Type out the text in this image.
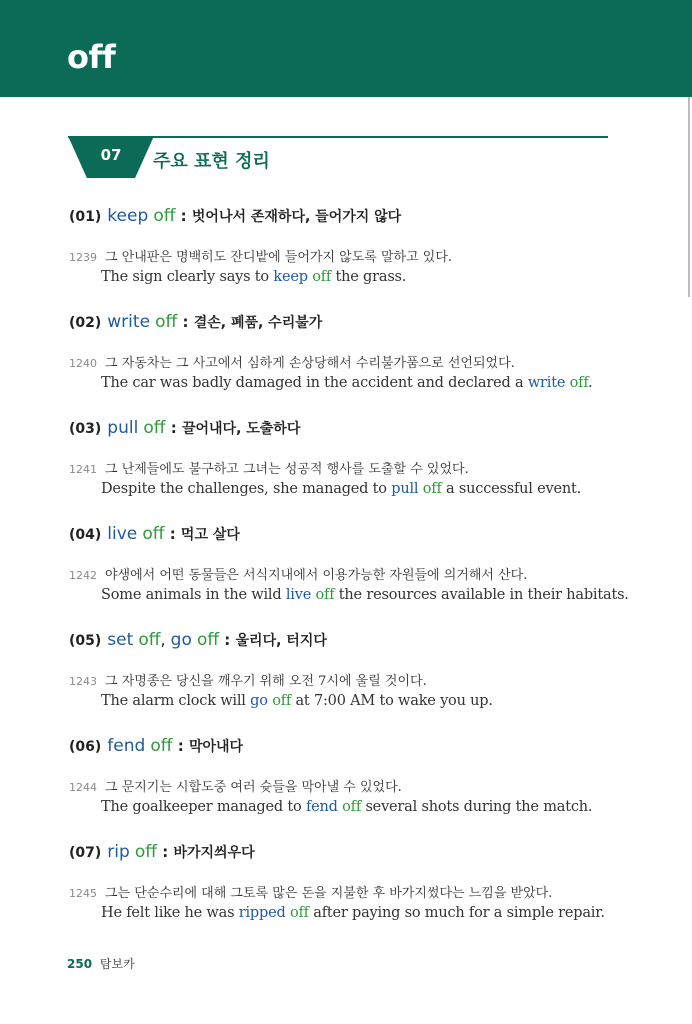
off
07	주요 표현 정리
(01) keep off : 벗어나서 존재하다, 들어가지 않다
1239 그 안내판은 명백히도 잔디밭에 들어가지 않도록 말하고 있다.
The sign clearly says to keep off the grass.
(02) write off : 결손, 폐품, 수리불가
1240 그 자동차는 그 사고에서 심하게 손상당해서 수리불가품으로 선언되었다.
The car was badly damaged in the accident and declared a write off.
(03) pull off : 끌어내다, 도출하다
1241 그 난제들에도 불구하고 그녀는 성공적 행사를 도출할 수 있었다.
Despite the challenges, she managed to pull off a successful event.
(04) live off : 먹고 살다
1242 야생에서 어떤 동물들은 서식지내에서 이용가능한 자원들에 의거해서 산다.
Some animals in the wild live off the resources available in their habitats.
(05) set off, go off : 울리다, 터지다
1243 그 자명종은 당신을 깨우기 위해 오전 7시에 울릴 것이다.
The alarm clock will go off at 7:00 AM to wake you up.
(06) fend off : 막아내다
1244 그 문지기는 시합도중 여러 슛들을 막아낼 수 있었다.
The goalkeeper managed to fend off several shots during the match.
(07) rip off : 바가지씌우다
1245 그는 단순수리에 대해 그토록 많은 돈을 지불한 후 바가지썼다는 느낌을 받았다.
He felt like he was ripped off after paying so much for a simple repair.
250 탐보카
